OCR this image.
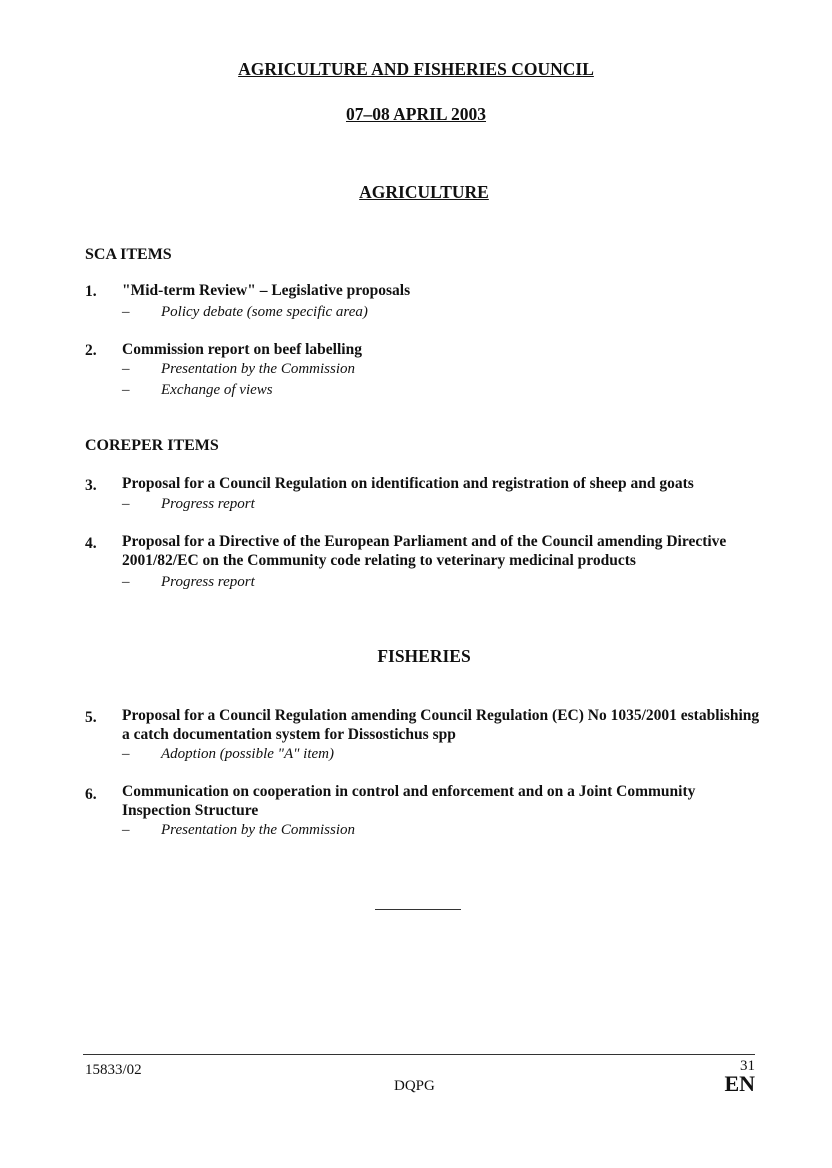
AGRICULTURE AND FISHERIES COUNCIL
07–08 APRIL 2003
AGRICULTURE
SCA ITEMS
1. "Mid-term Review" – Legislative proposals
– Policy debate (some specific area)
2. Commission report on beef labelling
– Presentation by the Commission
– Exchange of views
COREPER ITEMS
3. Proposal for a Council Regulation on identification and registration of sheep and goats
– Progress report
4. Proposal for a Directive of the European Parliament and of the Council amending Directive 2001/82/EC on the Community code relating to veterinary medicinal products
– Progress report
FISHERIES
5. Proposal for a Council Regulation amending Council Regulation (EC) No 1035/2001 establishing a catch documentation system for Dissostichus spp
– Adoption (possible "A" item)
6. Communication on cooperation in control and enforcement and on a Joint Community Inspection Structure
– Presentation by the Commission
15833/02	31
DQPG	EN
